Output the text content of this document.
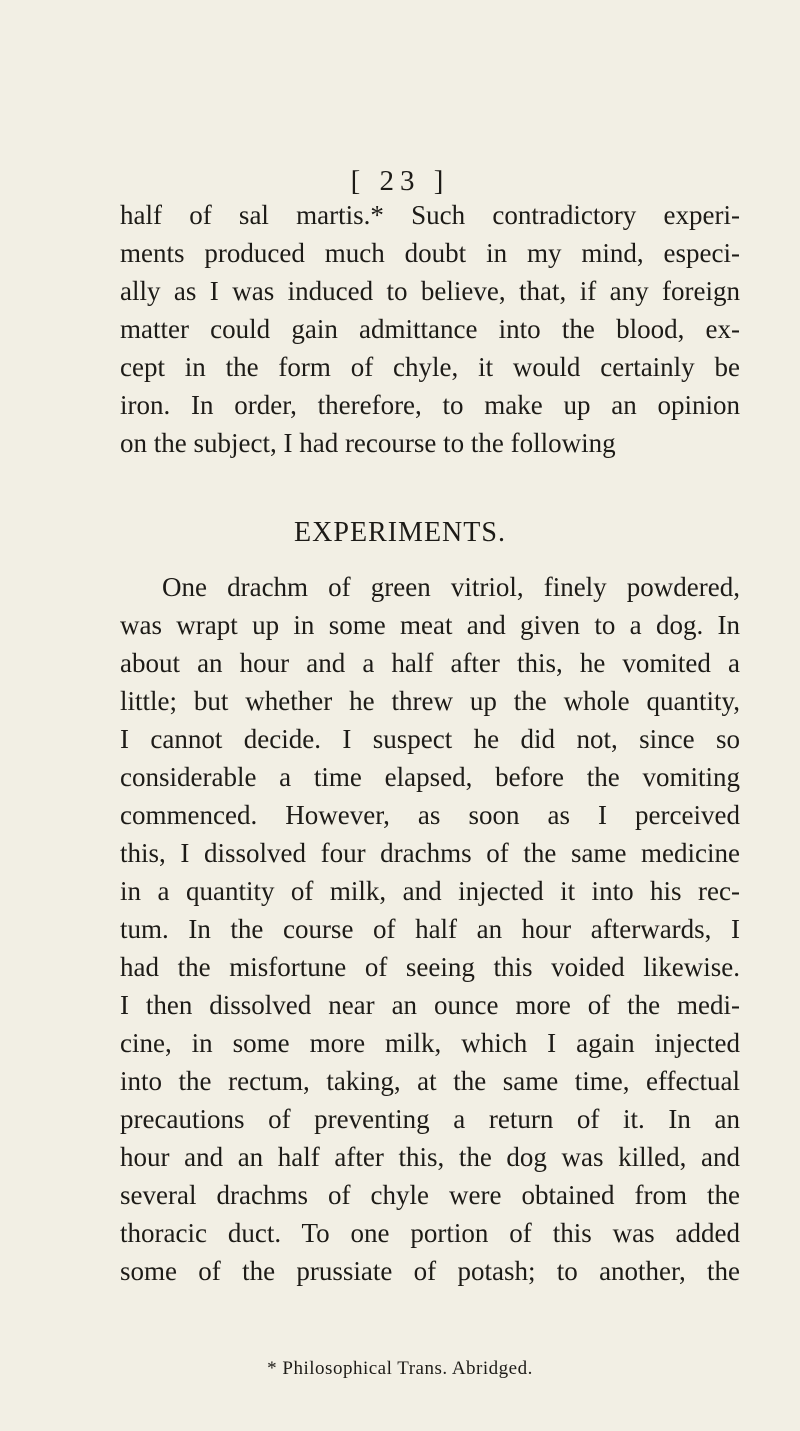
[ 23 ]
half of sal martis.* Such contradictory experi-
ments produced much doubt in my mind, especi-
ally as I was induced to believe, that, if any foreign
matter could gain admittance into the blood, ex-
cept in the form of chyle, it would certainly be
iron. In order, therefore, to make up an opinion
on the subject, I had recourse to the following
EXPERIMENTS.
One drachm of green vitriol, finely powdered,
was wrapt up in some meat and given to a dog. In
about an hour and a half after this, he vomited a
little; but whether he threw up the whole quantity,
I cannot decide. I suspect he did not, since so
considerable a time elapsed, before the vomiting
commenced. However, as soon as I perceived
this, I dissolved four drachms of the same medicine
in a quantity of milk, and injected it into his rec-
tum. In the course of half an hour afterwards, I
had the misfortune of seeing this voided likewise.
I then dissolved near an ounce more of the medi-
cine, in some more milk, which I again injected
into the rectum, taking, at the same time, effectual
precautions of preventing a return of it. In an
hour and an half after this, the dog was killed, and
several drachms of chyle were obtained from the
thoracic duct. To one portion of this was added
some of the prussiate of potash; to another, the
* Philosophical Trans. Abridged.
